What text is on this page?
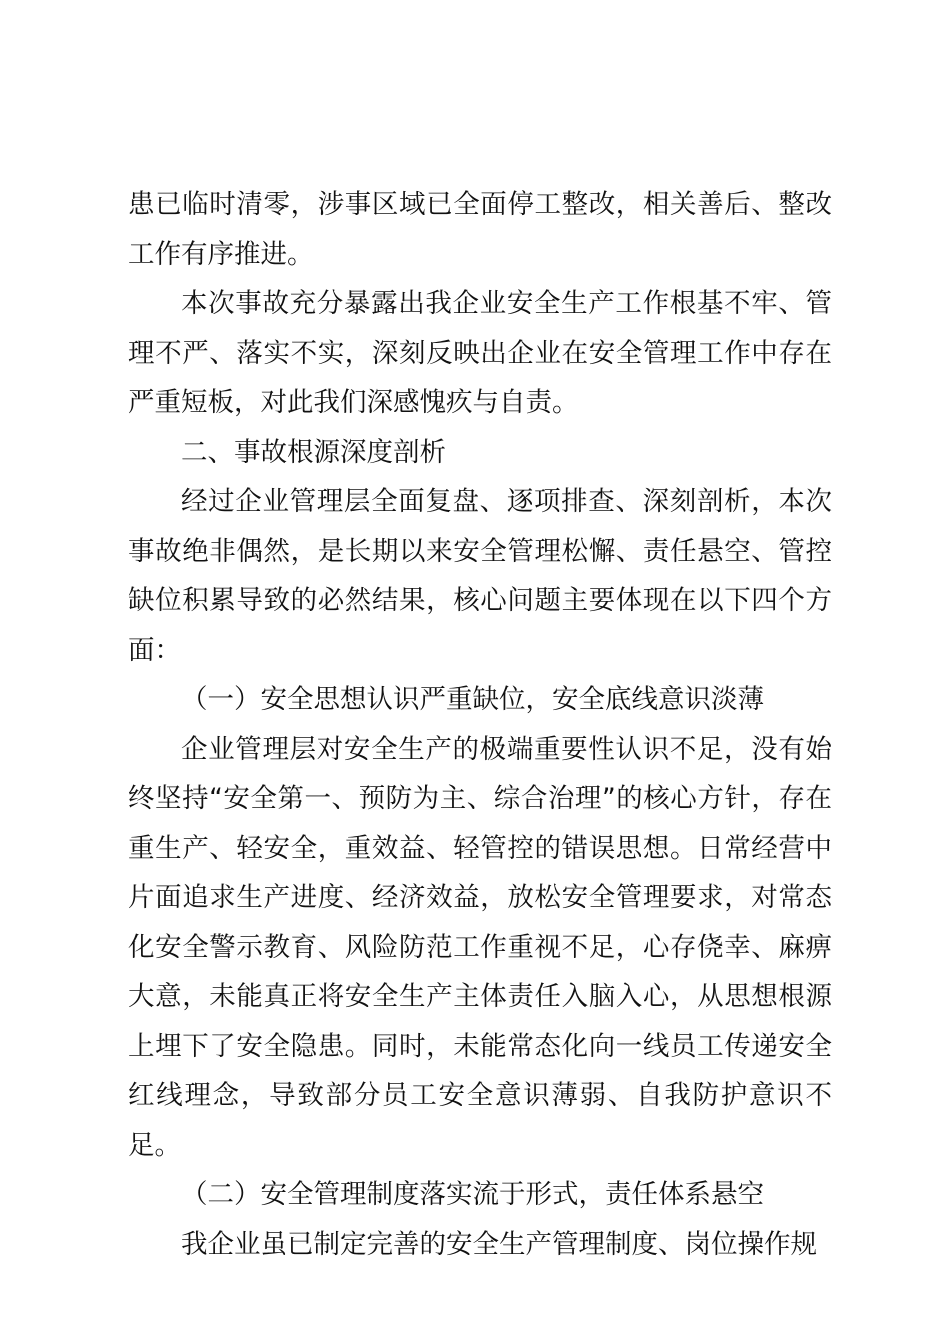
患已临时清零，涉事区域已全面停工整改，相关善后、整改工作有序推进。

本次事故充分暴露出我企业安全生产工作根基不牢、管理不严、落实不实，深刻反映出企业在安全管理工作中存在严重短板，对此我们深感愧疚与自责。

二、事故根源深度剖析

经过企业管理层全面复盘、逐项排查、深刻剖析，本次事故绝非偶然，是长期以来安全管理松懈、责任悬空、管控缺位积累导致的必然结果，核心问题主要体现在以下四个方面：

（一）安全思想认识严重缺位，安全底线意识淡薄

企业管理层对安全生产的极端重要性认识不足，没有始终坚持“安全第一、预防为主、综合治理”的核心方针，存在重生产、轻安全，重效益、轻管控的错误思想。日常经营中片面追求生产进度、经济效益，放松安全管理要求，对常态化安全警示教育、风险防范工作重视不足，心存侥幸、麻痹大意，未能真正将安全生产主体责任入脑入心，从思想根源上埋下了安全隐患。同时，未能常态化向一线员工传递安全红线理念，导致部分员工安全意识薄弱、自我防护意识不足。

（二）安全管理制度落实流于形式，责任体系悬空

我企业虽已制定完善的安全生产管理制度、岗位操作规
